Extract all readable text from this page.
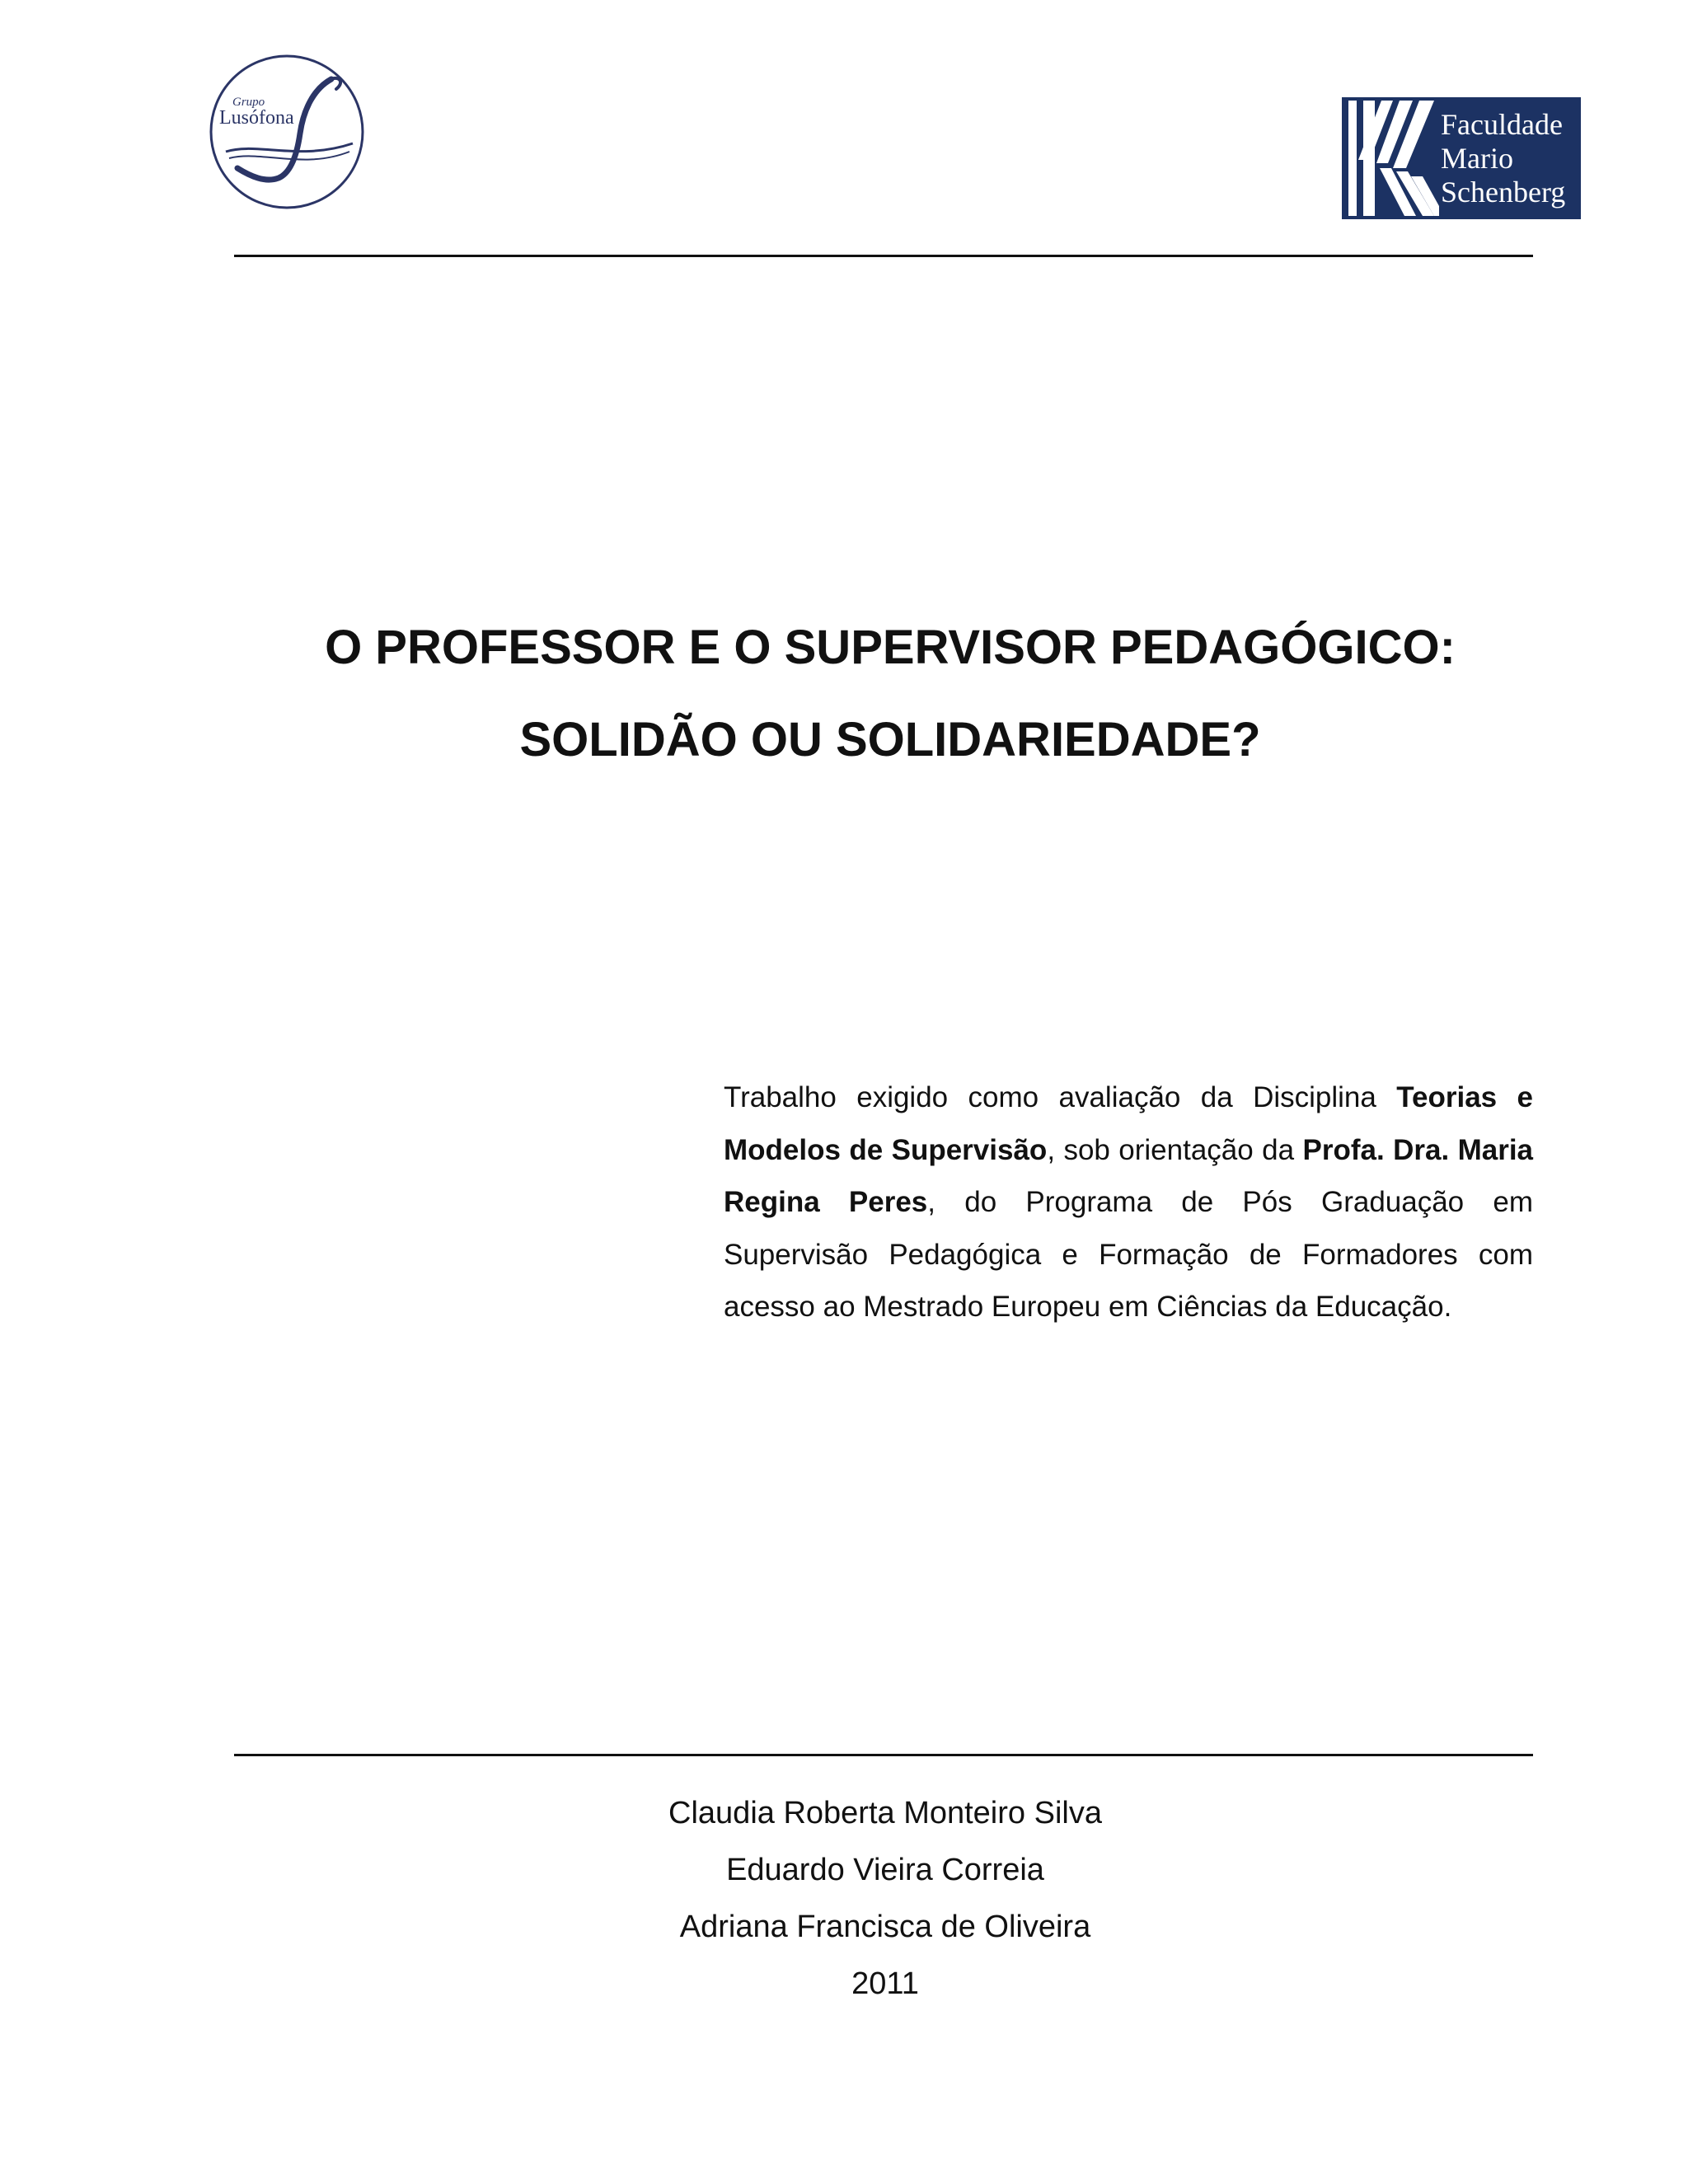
Grupo
Lusófona	Faculdade
Mario
Schenberg
O PROFESSOR E O SUPERVISOR PEDAGÓGICO:
SOLIDÃO OU SOLIDARIEDADE?
Trabalho exigido como avaliação da Disciplina Teorias e Modelos de Supervisão, sob orientação da Profa. Dra. Maria Regina Peres, do Programa de Pós Graduação em Supervisão Pedagógica e Formação de Formadores com acesso ao Mestrado Europeu em Ciências da Educação.
Claudia Roberta Monteiro Silva
Eduardo Vieira Correia
Adriana Francisca de Oliveira
2011
